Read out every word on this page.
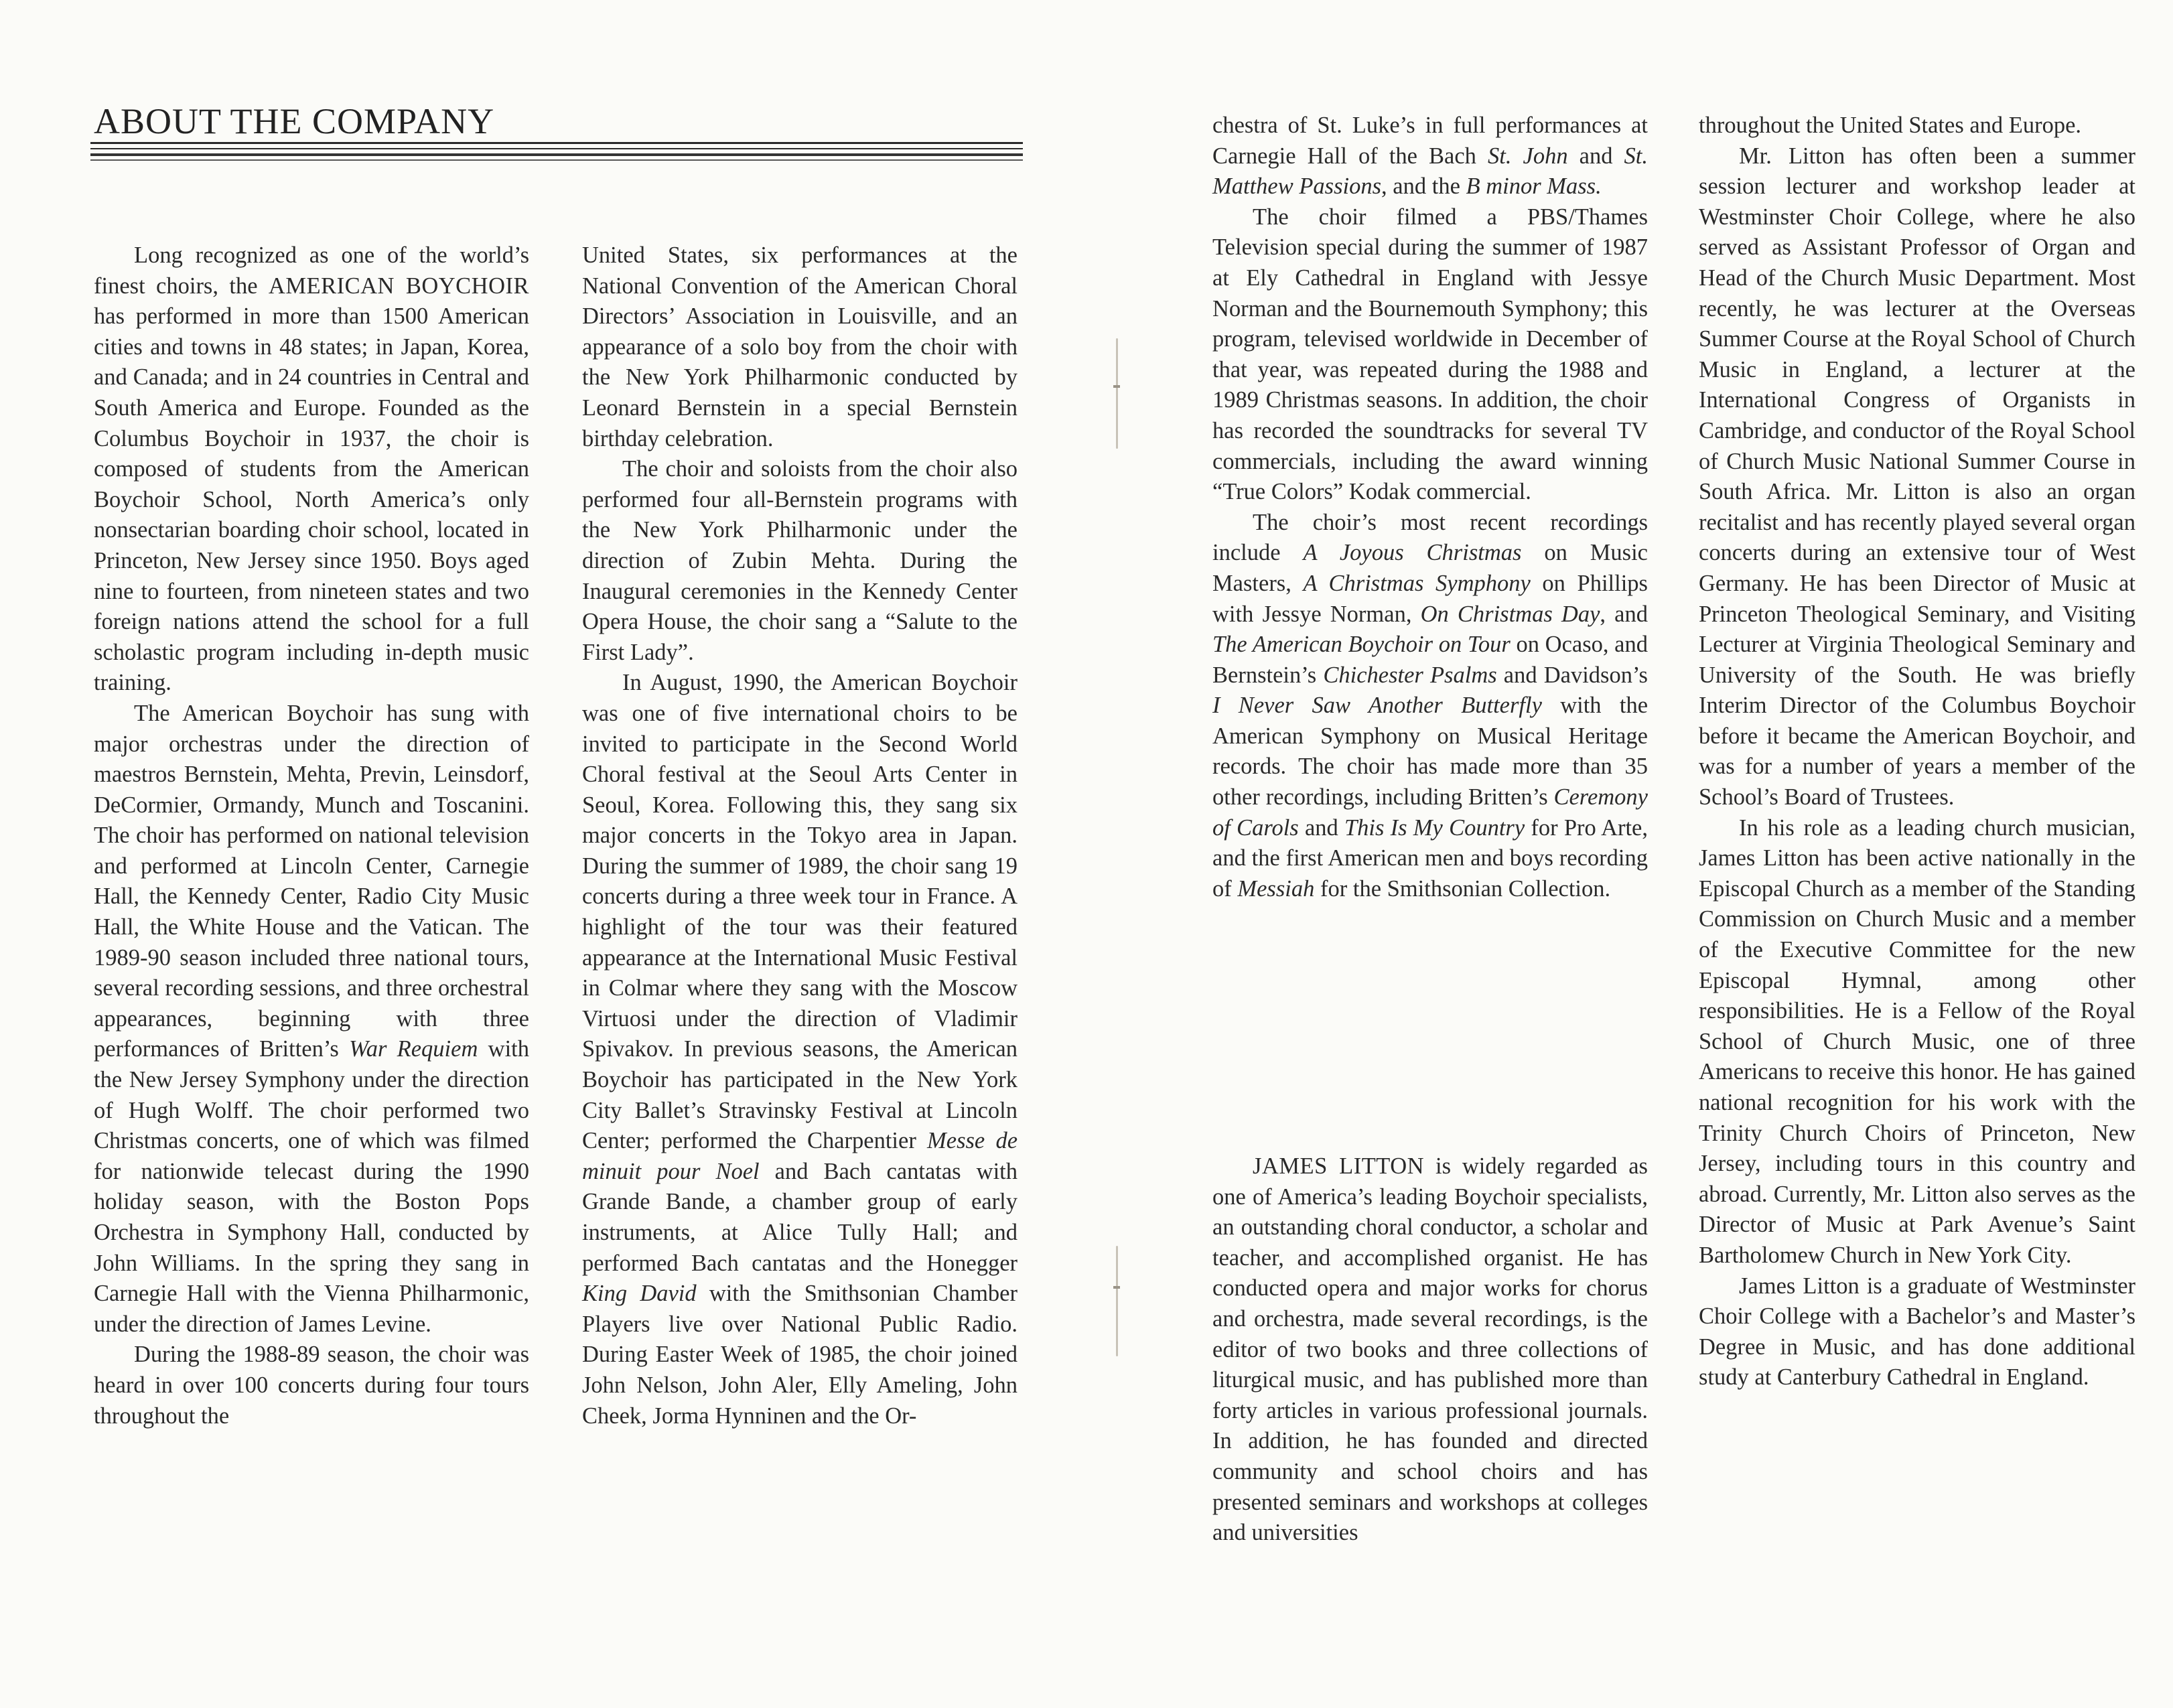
ABOUT THE COMPANY

Long recognized as one of the world’s finest choirs, the AMERICAN BOYCHOIR has performed in more than 1500 American cities and towns in 48 states; in Japan, Korea, and Canada; and in 24 countries in Central and South America and Europe. Founded as the Columbus Boychoir in 1937, the choir is composed of students from the American Boychoir School, North America’s only nonsectarian boarding choir school, located in Princeton, New Jersey since 1950. Boys aged nine to fourteen, from nineteen states and two foreign nations attend the school for a full scholastic program including in-depth music training.

The American Boychoir has sung with major orchestras under the direction of maestros Bernstein, Mehta, Previn, Leinsdorf, DeCormier, Ormandy, Munch and Toscanini. The choir has performed on national television and performed at Lincoln Center, Carnegie Hall, the Kennedy Center, Radio City Music Hall, the White House and the Vatican. The 1989-90 season included three national tours, several recording sessions, and three orchestral appearances, beginning with three performances of Britten’s War Requiem with the New Jersey Symphony under the direction of Hugh Wolff. The choir performed two Christmas concerts, one of which was filmed for nationwide telecast during the 1990 holiday season, with the Boston Pops Orchestra in Symphony Hall, conducted by John Williams. In the spring they sang in Carnegie Hall with the Vienna Philharmonic, under the direction of James Levine.

During the 1988-89 season, the choir was heard in over 100 concerts during four tours throughout the

United States, six performances at the National Convention of the American Choral Directors’ Association in Louisville, and an appearance of a solo boy from the choir with the New York Philharmonic conducted by Leonard Bernstein in a special Bernstein birthday celebration.

The choir and soloists from the choir also performed four all-Bernstein programs with the New York Philharmonic under the direction of Zubin Mehta. During the Inaugural ceremonies in the Kennedy Center Opera House, the choir sang a “Salute to the First Lady”.

In August, 1990, the American Boychoir was one of five international choirs to be invited to participate in the Second World Choral festival at the Seoul Arts Center in Seoul, Korea. Following this, they sang six major concerts in the Tokyo area in Japan. During the summer of 1989, the choir sang 19 concerts during a three week tour in France. A highlight of the tour was their featured appearance at the International Music Festival in Colmar where they sang with the Moscow Virtuosi under the direction of Vladimir Spivakov. In previous seasons, the American Boychoir has participated in the New York City Ballet’s Stravinsky Festival at Lincoln Center; performed the Charpentier Messe de minuit pour Noel and Bach cantatas with Grande Bande, a chamber group of early instruments, at Alice Tully Hall; and performed Bach cantatas and the Honegger King David with the Smithsonian Chamber Players live over National Public Radio. During Easter Week of 1985, the choir joined John Nelson, John Aler, Elly Ameling, John Cheek, Jorma Hynninen and the Or-

chestra of St. Luke’s in full performances at Carnegie Hall of the Bach St. John and St. Matthew Passions, and the B minor Mass.

The choir filmed a PBS/Thames Television special during the summer of 1987 at Ely Cathedral in England with Jessye Norman and the Bournemouth Symphony; this program, televised worldwide in December of that year, was repeated during the 1988 and 1989 Christmas seasons. In addition, the choir has recorded the soundtracks for several TV commercials, including the award winning “True Colors” Kodak commercial.

The choir’s most recent recordings include A Joyous Christmas on Music Masters, A Christmas Symphony on Phillips with Jessye Norman, On Christmas Day, and The American Boychoir on Tour on Ocaso, and Bernstein’s Chichester Psalms and Davidson’s I Never Saw Another Butterfly with the American Symphony on Musical Heritage records. The choir has made more than 35 other recordings, including Britten’s Ceremony of Carols and This Is My Country for Pro Arte, and the first American men and boys recording of Messiah for the Smithsonian Collection.

JAMES LITTON is widely regarded as one of America’s leading Boychoir specialists, an outstanding choral conductor, a scholar and teacher, and accomplished organist. He has conducted opera and major works for chorus and orchestra, made several recordings, is the editor of two books and three collections of liturgical music, and has published more than forty articles in various professional journals. In addition, he has founded and directed community and school choirs and has presented seminars and workshops at colleges and universities

throughout the United States and Europe.

Mr. Litton has often been a summer session lecturer and workshop leader at Westminster Choir College, where he also served as Assistant Professor of Organ and Head of the Church Music Department. Most recently, he was lecturer at the Overseas Summer Course at the Royal School of Church Music in England, a lecturer at the International Congress of Organists in Cambridge, and conductor of the Royal School of Church Music National Summer Course in South Africa. Mr. Litton is also an organ recitalist and has recently played several organ concerts during an extensive tour of West Germany. He has been Director of Music at Princeton Theological Seminary, and Visiting Lecturer at Virginia Theological Seminary and University of the South. He was briefly Interim Director of the Columbus Boychoir before it became the American Boychoir, and was for a number of years a member of the School’s Board of Trustees.

In his role as a leading church musician, James Litton has been active nationally in the Episcopal Church as a member of the Standing Commission on Church Music and a member of the Executive Committee for the new Episcopal Hymnal, among other responsibilities. He is a Fellow of the Royal School of Church Music, one of three Americans to receive this honor. He has gained national recognition for his work with the Trinity Church Choirs of Princeton, New Jersey, including tours in this country and abroad. Currently, Mr. Litton also serves as the Director of Music at Park Avenue’s Saint Bartholomew Church in New York City.

James Litton is a graduate of Westminster Choir College with a Bachelor’s and Master’s Degree in Music, and has done additional study at Canterbury Cathedral in England.
